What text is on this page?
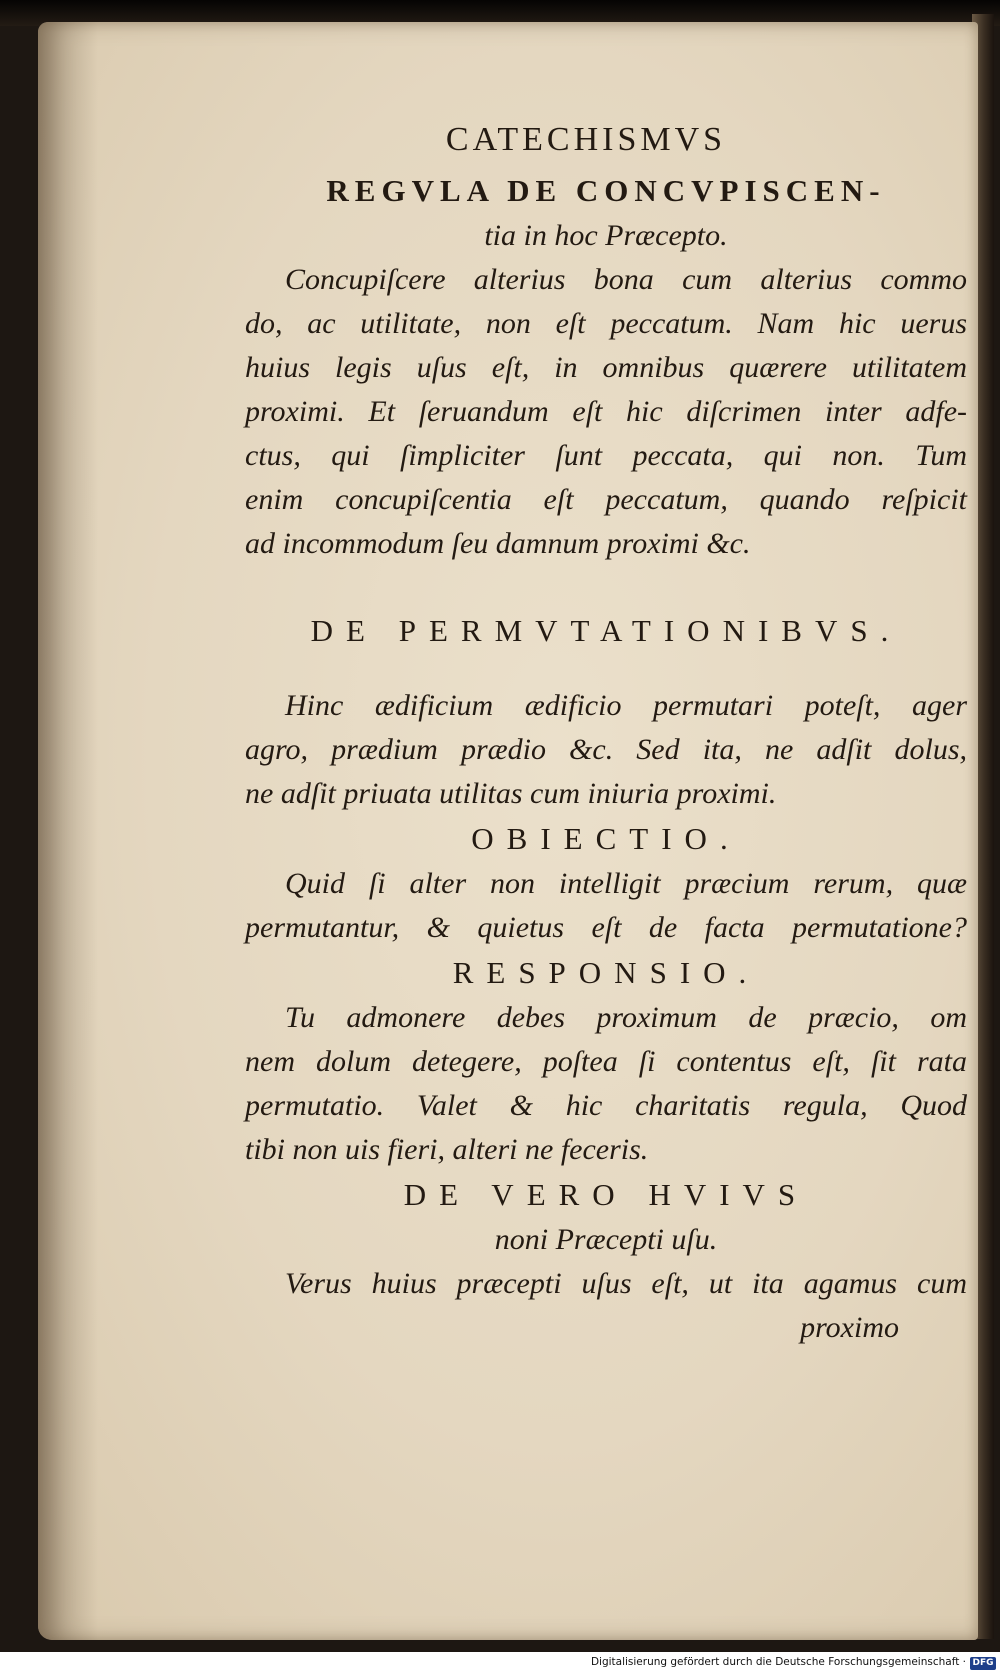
CATECHISMVS
REGVLA DE CONCVPISCEN-
tia in hoc Præcepto.
Concupiſcere alterius bona cum alterius commo
do, ac utilitate, non eſt peccatum. Nam hic uerus
huius legis uſus eſt, in omnibus quærere utilitatem
proximi. Et ſeruandum eſt hic diſcrimen inter adfe-
ctus, qui ſimpliciter ſunt peccata, qui non. Tum
enim concupiſcentia eſt peccatum, quando reſpicit
ad incommodum ſeu damnum proximi &c.
DE PERMVTATIONIBVS.
Hinc ædificium ædificio permutari poteſt, ager
agro, prædium prædio &c. Sed ita, ne adſit dolus,
ne adſit priuata utilitas cum iniuria proximi.
OBIECTIO.
Quid ſi alter non intelligit præcium rerum, quæ
permutantur, & quietus eſt de facta permutatione?
RESPONSIO.
Tu admonere debes proximum de præcio, om
nem dolum detegere, poſtea ſi contentus eſt, ſit rata
permutatio. Valet & hic charitatis regula, Quod
tibi non uis fieri, alteri ne feceris.
DE VERO HVIVS
noni Præcepti uſu.
Verus huius præcepti uſus eſt, ut ita agamus cum
proximo
Digitalisierung gefördert durch die Deutsche Forschungsgemeinschaft · DFG
